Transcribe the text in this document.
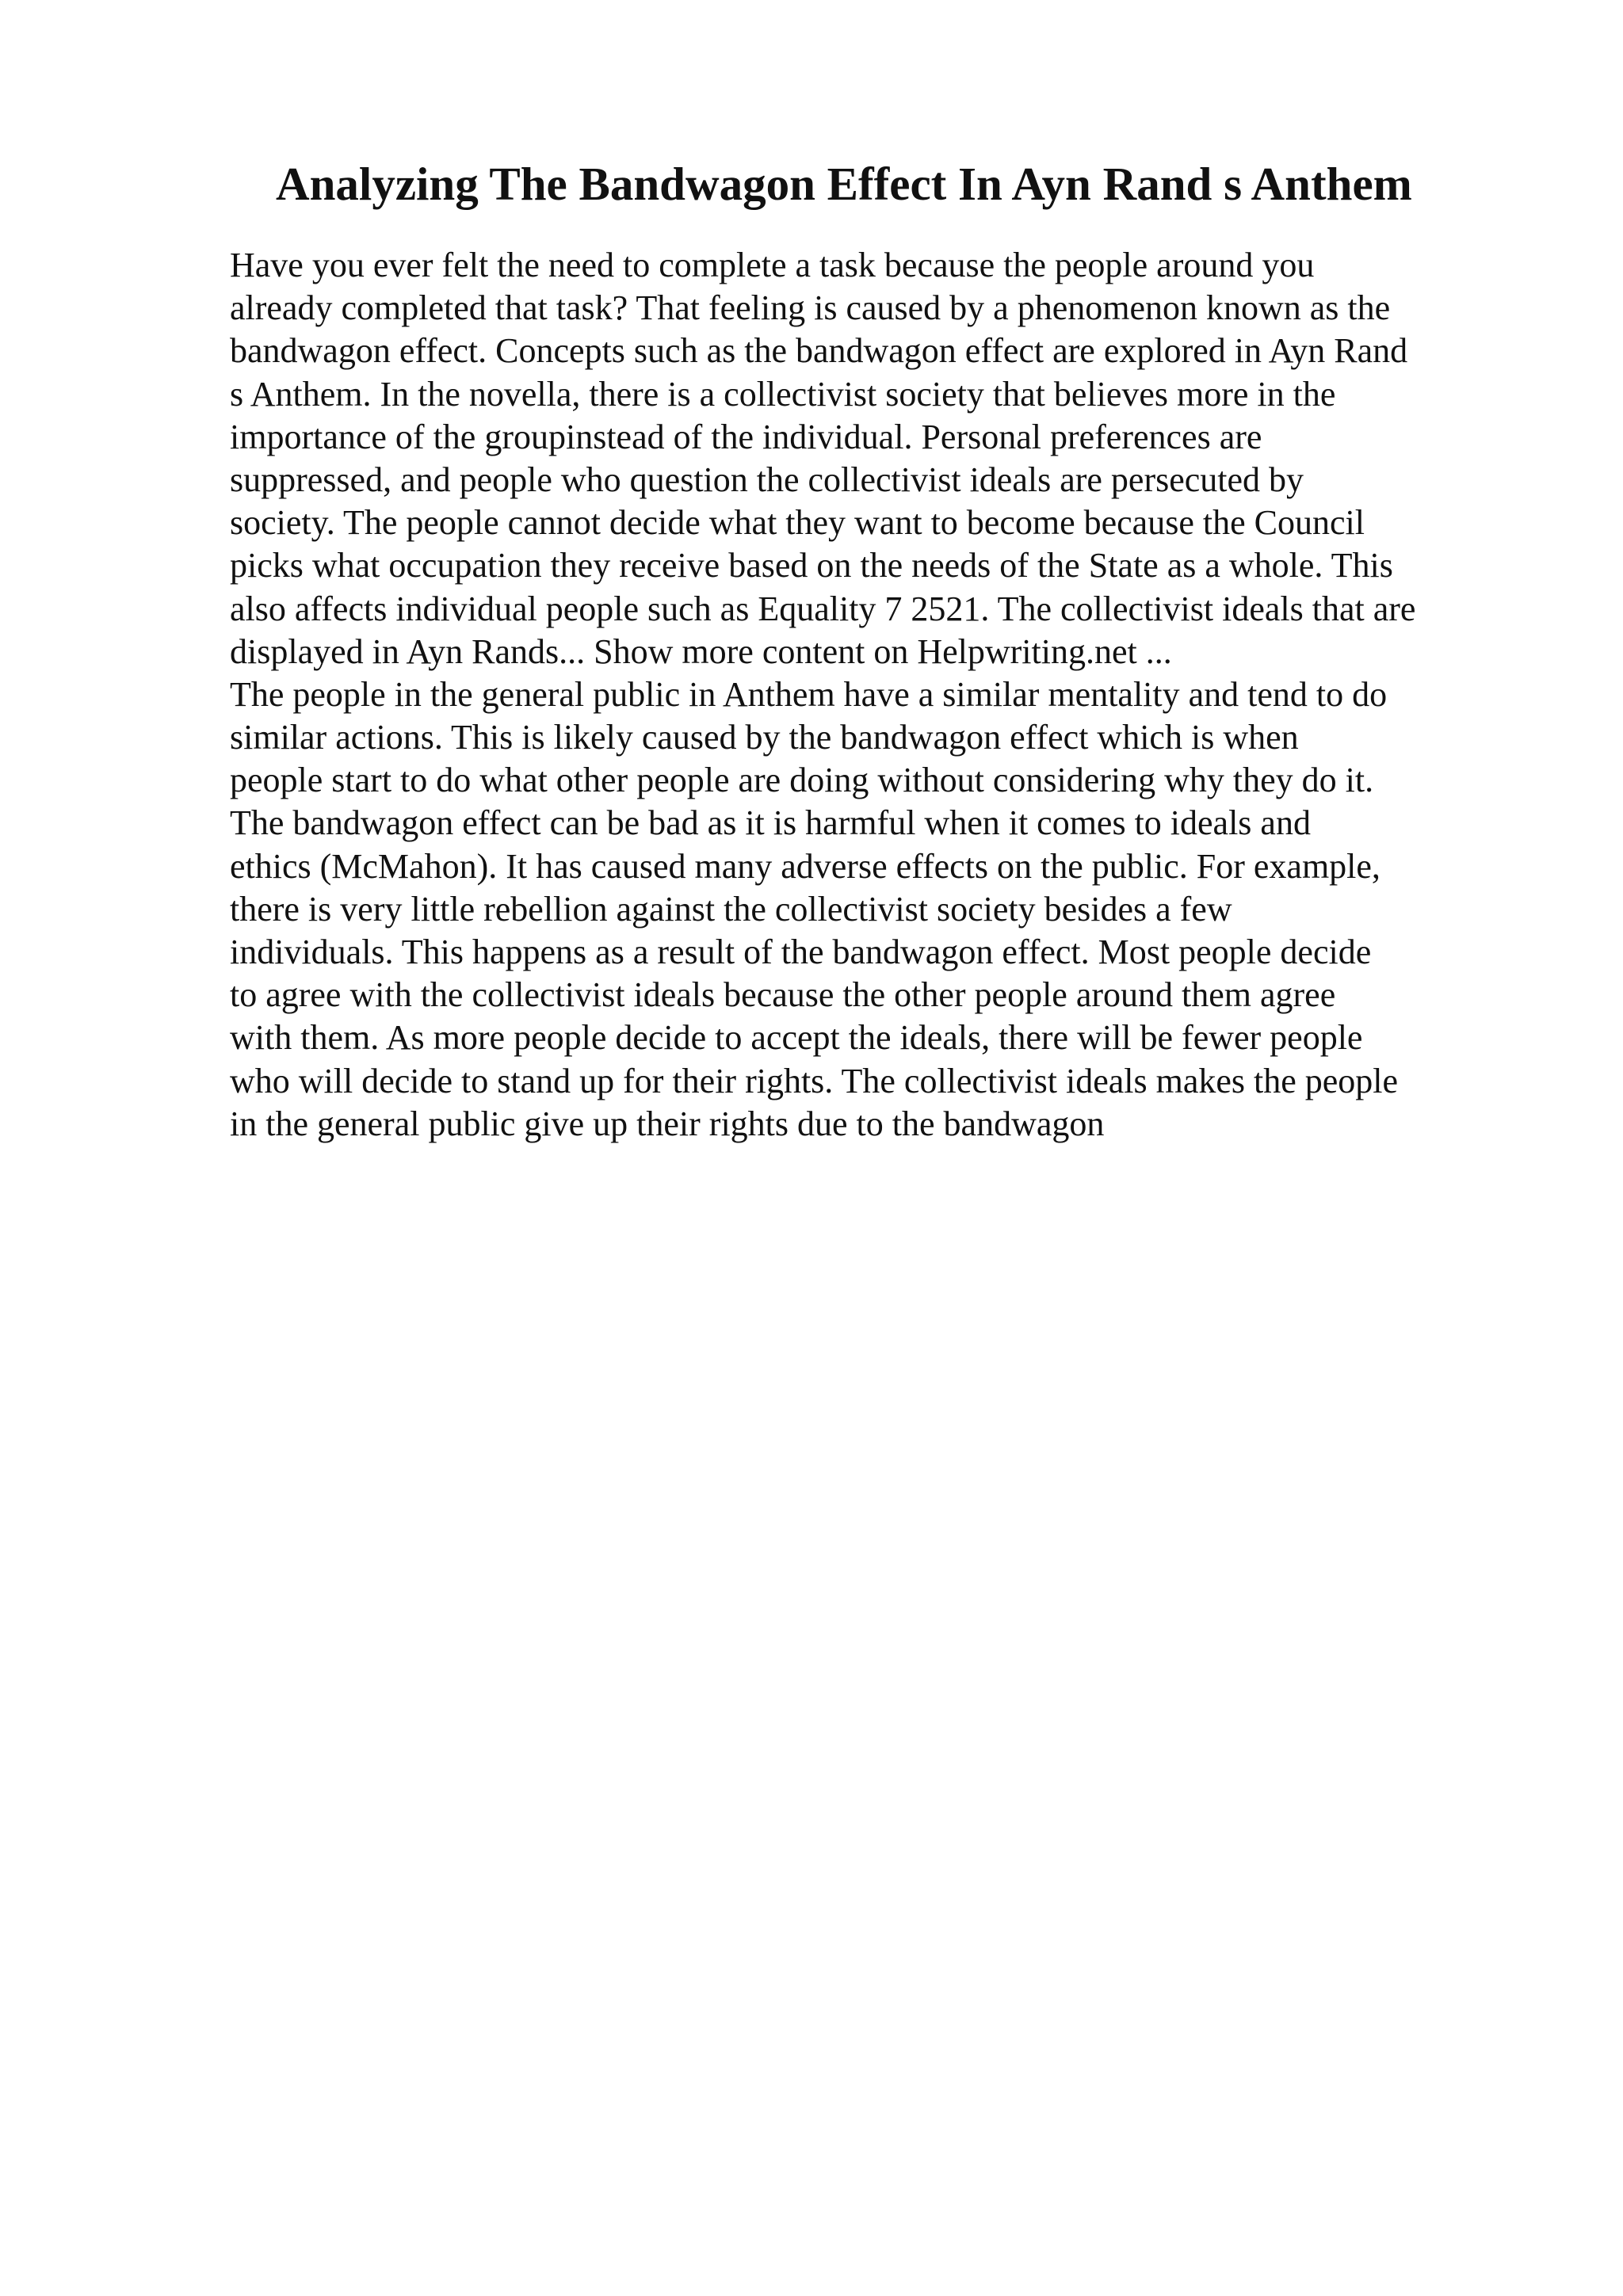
Analyzing The Bandwagon Effect In Ayn Rand s Anthem
Have you ever felt the need to complete a task because the people around you
already completed that task? That feeling is caused by a phenomenon known as the
bandwagon effect. Concepts such as the bandwagon effect are explored in Ayn Rand
s Anthem. In the novella, there is a collectivist society that believes more in the
importance of the groupinstead of the individual. Personal preferences are
suppressed, and people who question the collectivist ideals are persecuted by
society. The people cannot decide what they want to become because the Council
picks what occupation they receive based on the needs of the State as a whole. This
also affects individual people such as Equality 7 2521. The collectivist ideals that are
displayed in Ayn Rands... Show more content on Helpwriting.net ...
The people in the general public in Anthem have a similar mentality and tend to do
similar actions. This is likely caused by the bandwagon effect which is when
people start to do what other people are doing without considering why they do it.
The bandwagon effect can be bad as it is harmful when it comes to ideals and
ethics (McMahon). It has caused many adverse effects on the public. For example,
there is very little rebellion against the collectivist society besides a few
individuals. This happens as a result of the bandwagon effect. Most people decide
to agree with the collectivist ideals because the other people around them agree
with them. As more people decide to accept the ideals, there will be fewer people
who will decide to stand up for their rights. The collectivist ideals makes the people
in the general public give up their rights due to the bandwagon
